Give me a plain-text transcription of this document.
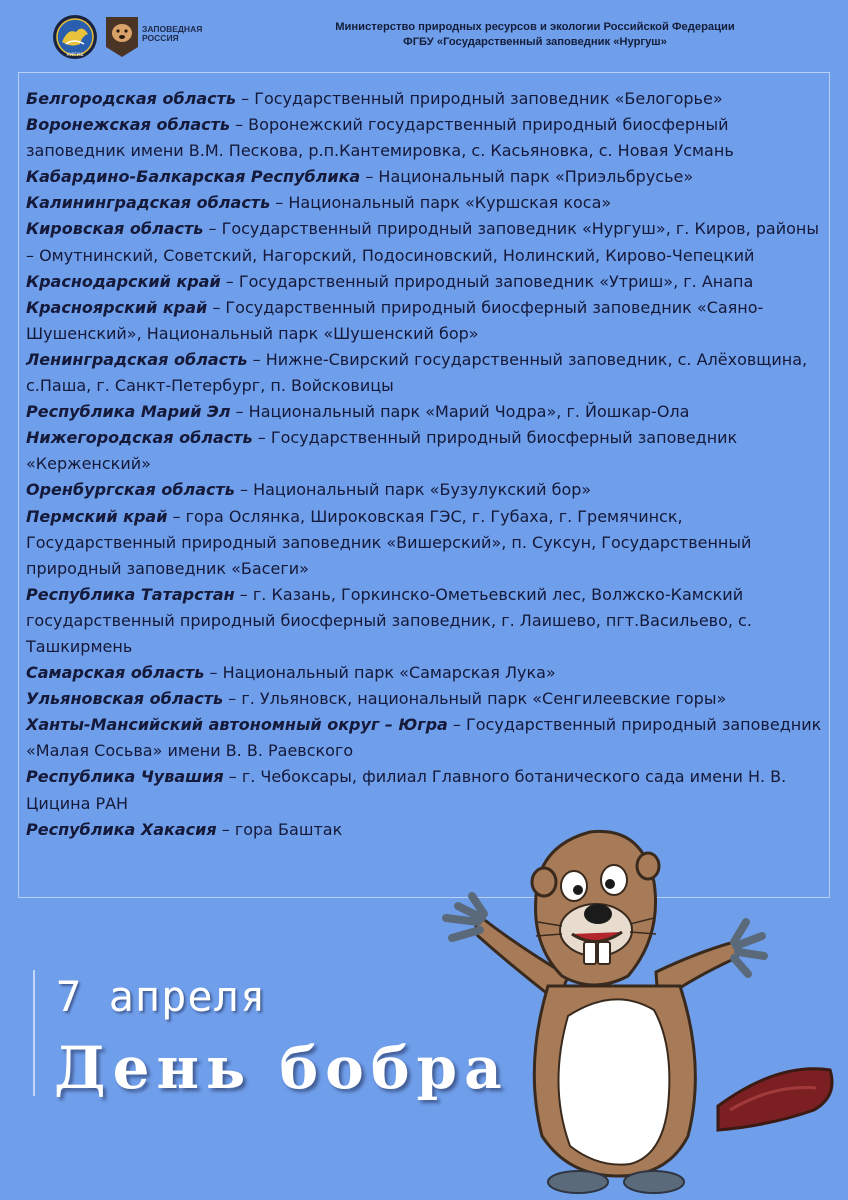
НУРГУШ
ЗАПОВЕДНАЯ
РОССИЯ
Министерство природных ресурсов и экологии Российской Федерации
ФГБУ «Государственный заповедник «Нургуш»

Белгородская область – Государственный природный заповедник «Белогорье»

Воронежская область – Воронежский государственный природный биосферный заповедник имени В.М. Пескова, р.п.Кантемировка, с. Касьяновка, с. Новая Усмань

Кабардино-Балкарская Республика – Национальный парк «Приэльбрусье»

Калининградская область – Национальный парк «Куршская коса»

Кировская область – Государственный природный заповедник «Нургуш», г. Киров, районы – Омутнинский, Советский, Нагорский, Подосиновский, Нолинский, Кирово-Чепецкий

Краснодарский край – Государственный природный заповедник «Утриш», г. Анапа

Красноярский край – Государственный природный биосферный заповедник «Саяно-Шушенский», Национальный парк «Шушенский бор»

Ленинградская область – Нижне-Свирский государственный заповедник, с. Алёховщина, с.Паша, г. Санкт-Петербург, п. Войсковицы

Республика Марий Эл – Национальный парк «Марий Чодра», г. Йошкар-Ола

Нижегородская область – Государственный природный биосферный заповедник «Керженский»

Оренбургская область – Национальный парк «Бузулукский бор»

Пермский край – гора Ослянка, Широковская ГЭС, г. Губаха, г. Гремячинск, Государственный природный заповедник «Вишерский», п. Суксун, Государственный природный заповедник «Басеги»

Республика Татарстан – г. Казань, Горкинско-Ометьевский лес, Волжско-Камский государственный природный биосферный заповедник, г. Лаишево, пгт.Васильево, с. Ташкирмень

Самарская область – Национальный парк «Самарская Лука»

Ульяновская область – г. Ульяновск, национальный парк «Сенгилеевские горы»

Ханты-Мансийский автономный округ – Югра – Государственный природный заповедник «Малая Сосьва» имени В. В. Раевского

Республика Чувашия – г. Чебоксары, филиал Главного ботанического сада имени Н. В. Цицина РАН

Республика Хакасия – гора Баштак

7 апреля
День бобра
